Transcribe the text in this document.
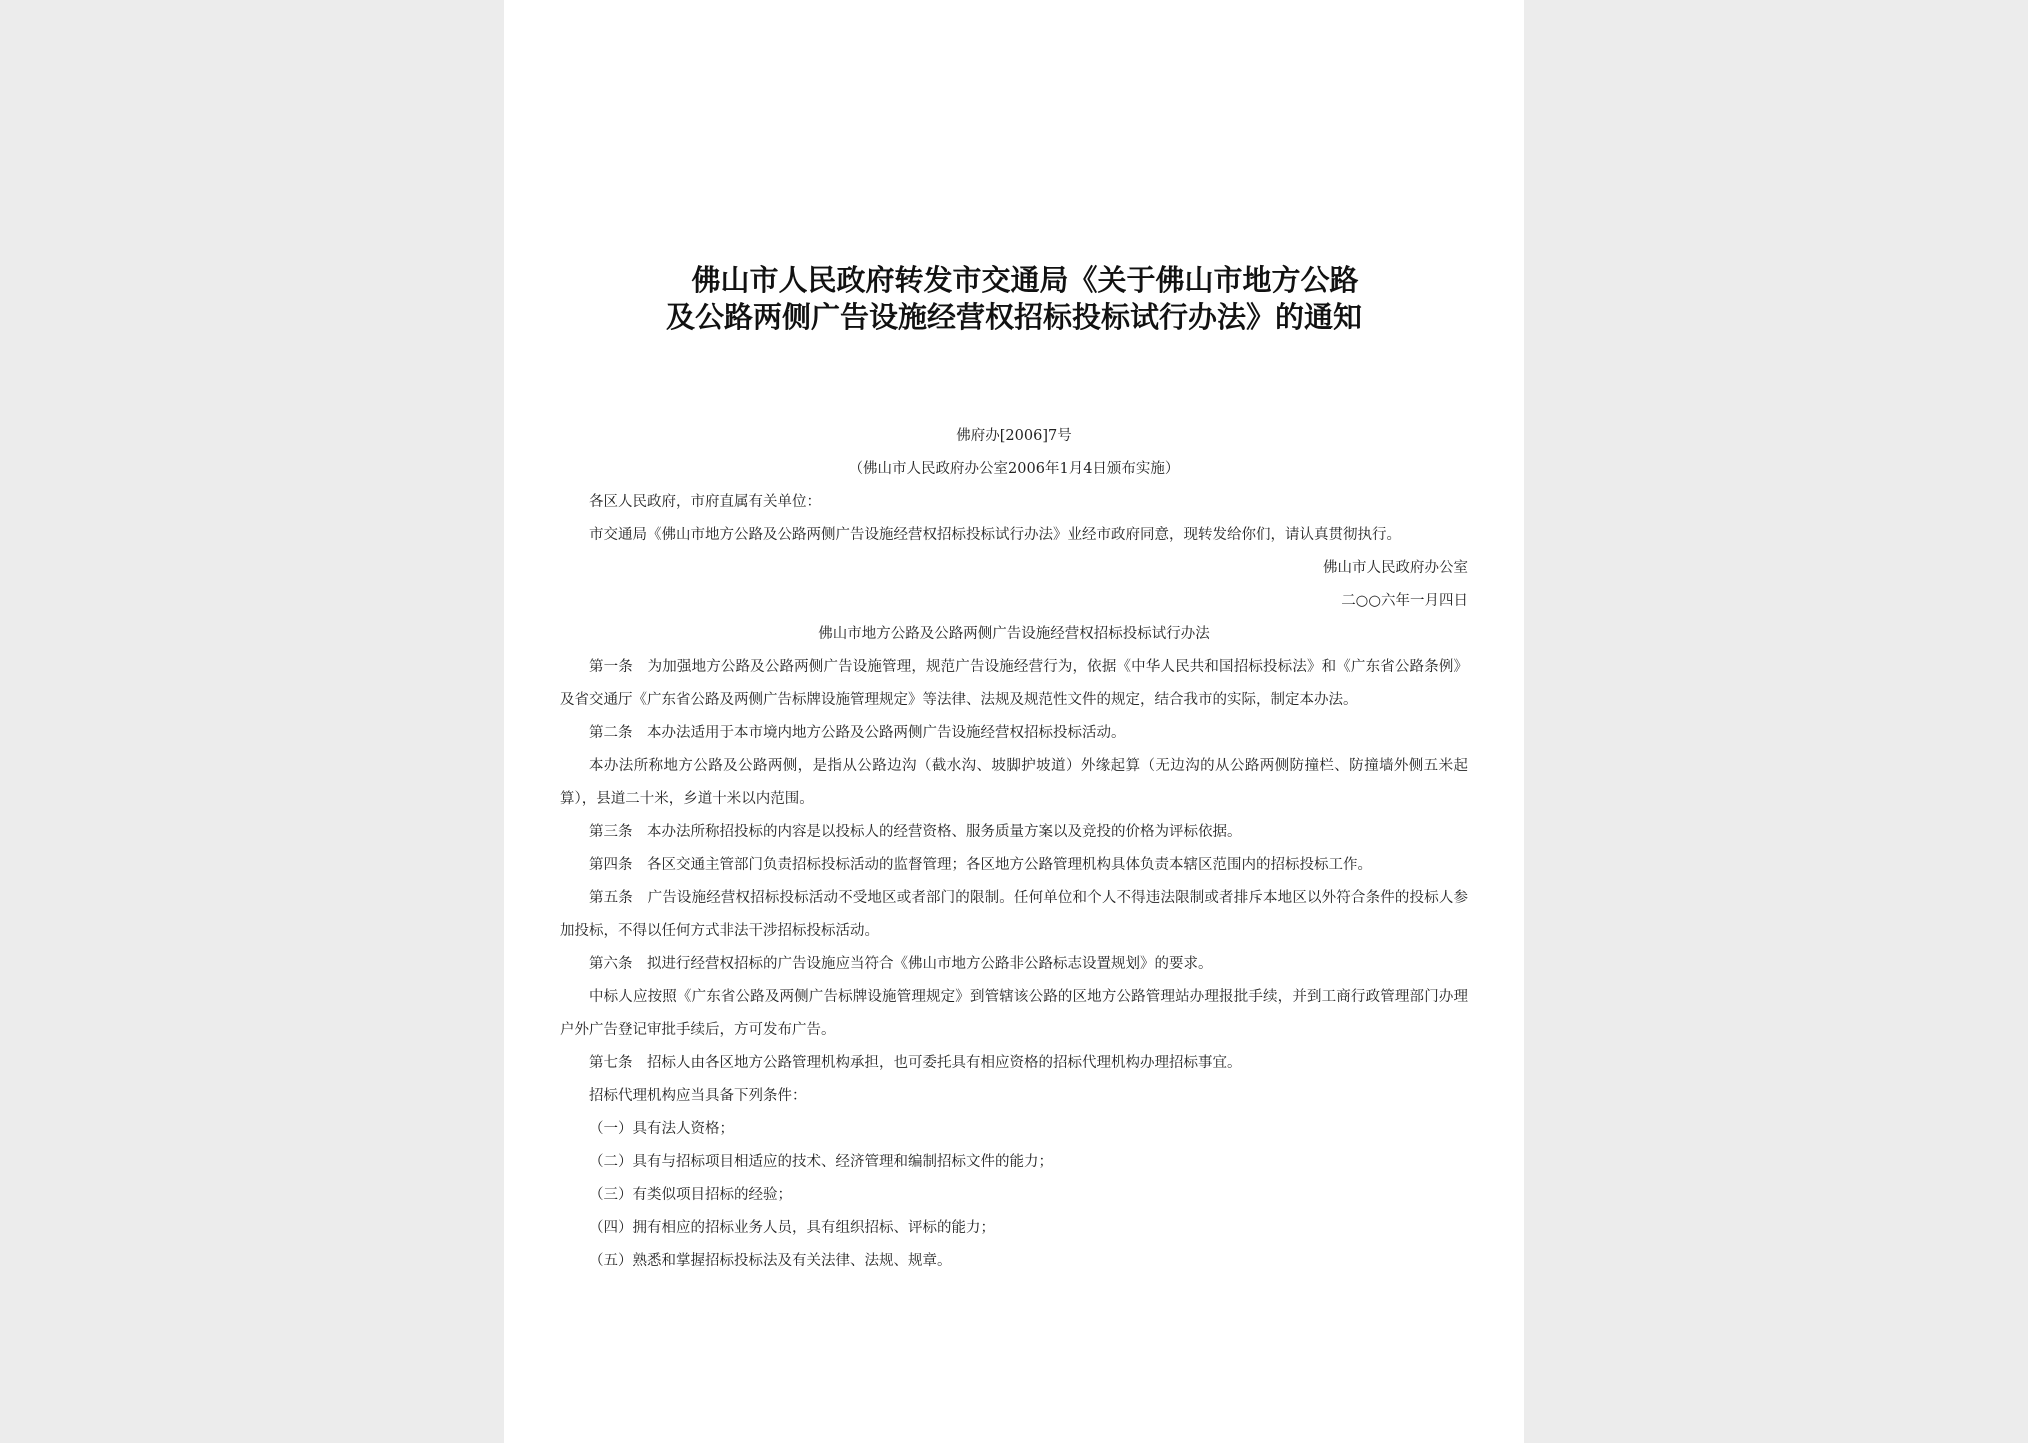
佛山市人民政府转发市交通局《关于佛山市地方公路
及公路两侧广告设施经营权招标投标试行办法》的通知
佛府办[2006]7号
（佛山市人民政府办公室2006年1月4日颁布实施）
各区人民政府，市府直属有关单位：
市交通局《佛山市地方公路及公路两侧广告设施经营权招标投标试行办法》业经市政府同意，现转发给你们，请认真贯彻执行。
佛山市人民政府办公室
二○○六年一月四日
佛山市地方公路及公路两侧广告设施经营权招标投标试行办法
第一条　为加强地方公路及公路两侧广告设施管理，规范广告设施经营行为，依据《中华人民共和国招标投标法》和《广东省公路条例》及省交通厅《广东省公路及两侧广告标牌设施管理规定》等法律、法规及规范性文件的规定，结合我市的实际，制定本办法。
第二条　本办法适用于本市境内地方公路及公路两侧广告设施经营权招标投标活动。
本办法所称地方公路及公路两侧，是指从公路边沟（截水沟、坡脚护坡道）外缘起算（无边沟的从公路两侧防撞栏、防撞墙外侧五米起算），县道二十米，乡道十米以内范围。
第三条　本办法所称招投标的内容是以投标人的经营资格、服务质量方案以及竞投的价格为评标依据。
第四条　各区交通主管部门负责招标投标活动的监督管理；各区地方公路管理机构具体负责本辖区范围内的招标投标工作。
第五条　广告设施经营权招标投标活动不受地区或者部门的限制。任何单位和个人不得违法限制或者排斥本地区以外符合条件的投标人参加投标，不得以任何方式非法干涉招标投标活动。
第六条　拟进行经营权招标的广告设施应当符合《佛山市地方公路非公路标志设置规划》的要求。
中标人应按照《广东省公路及两侧广告标牌设施管理规定》到管辖该公路的区地方公路管理站办理报批手续，并到工商行政管理部门办理户外广告登记审批手续后，方可发布广告。
第七条　招标人由各区地方公路管理机构承担，也可委托具有相应资格的招标代理机构办理招标事宜。
招标代理机构应当具备下列条件：
（一）具有法人资格；
（二）具有与招标项目相适应的技术、经济管理和编制招标文件的能力；
（三）有类似项目招标的经验；
（四）拥有相应的招标业务人员，具有组织招标、评标的能力；
（五）熟悉和掌握招标投标法及有关法律、法规、规章。
